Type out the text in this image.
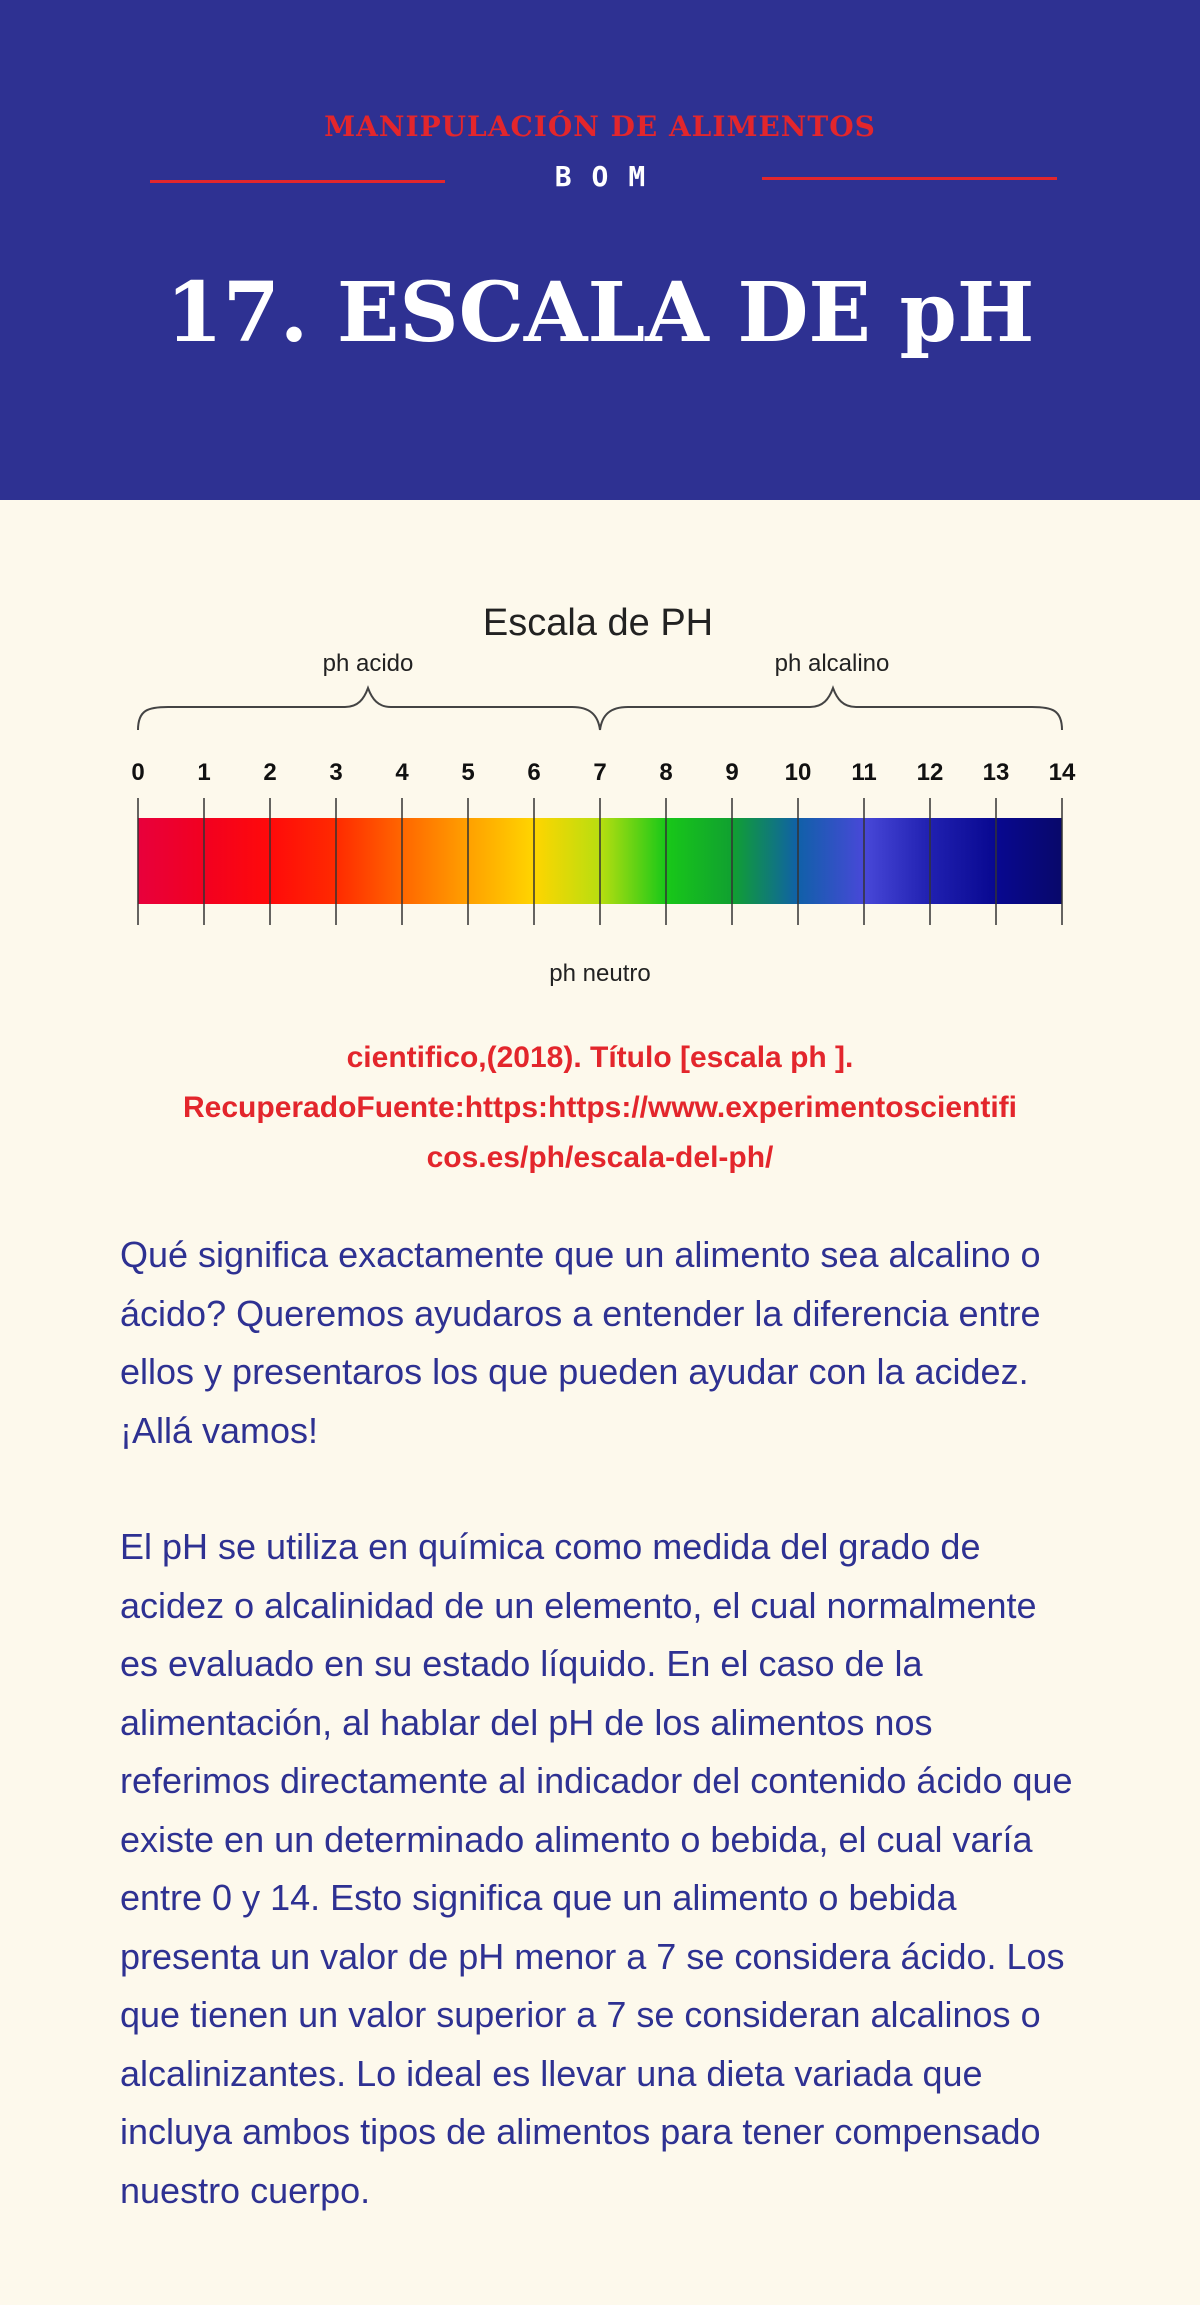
MANIPULACIÓN DE ALIMENTOS
BOM
17. ESCALA DE pH
Escala de PH
ph acido	ph alcalino
0 1 2 3 4 5 6 7 8 9 10 11 12 13 14
ph neutro
cientifico,(2018). Título [escala ph ].
RecuperadoFuente:https:https://www.experimentoscientifi
cos.es/ph/escala-del-ph/

Qué significa exactamente que un alimento sea alcalino o ácido? Queremos ayudaros a entender la diferencia entre ellos y presentaros los que pueden ayudar con la acidez. ¡Allá vamos!

El pH se utiliza en química como medida del grado de acidez o alcalinidad de un elemento, el cual normalmente es evaluado en su estado líquido. En el caso de la alimentación, al hablar del pH de los alimentos nos referimos directamente al indicador del contenido ácido que existe en un determinado alimento o bebida, el cual varía entre 0 y 14. Esto significa que un alimento o bebida presenta un valor de pH menor a 7 se considera ácido. Los que tienen un valor superior a 7 se consideran alcalinos o alcalinizantes. Lo ideal es llevar una dieta variada que incluya ambos tipos de alimentos para tener compensado nuestro cuerpo.
